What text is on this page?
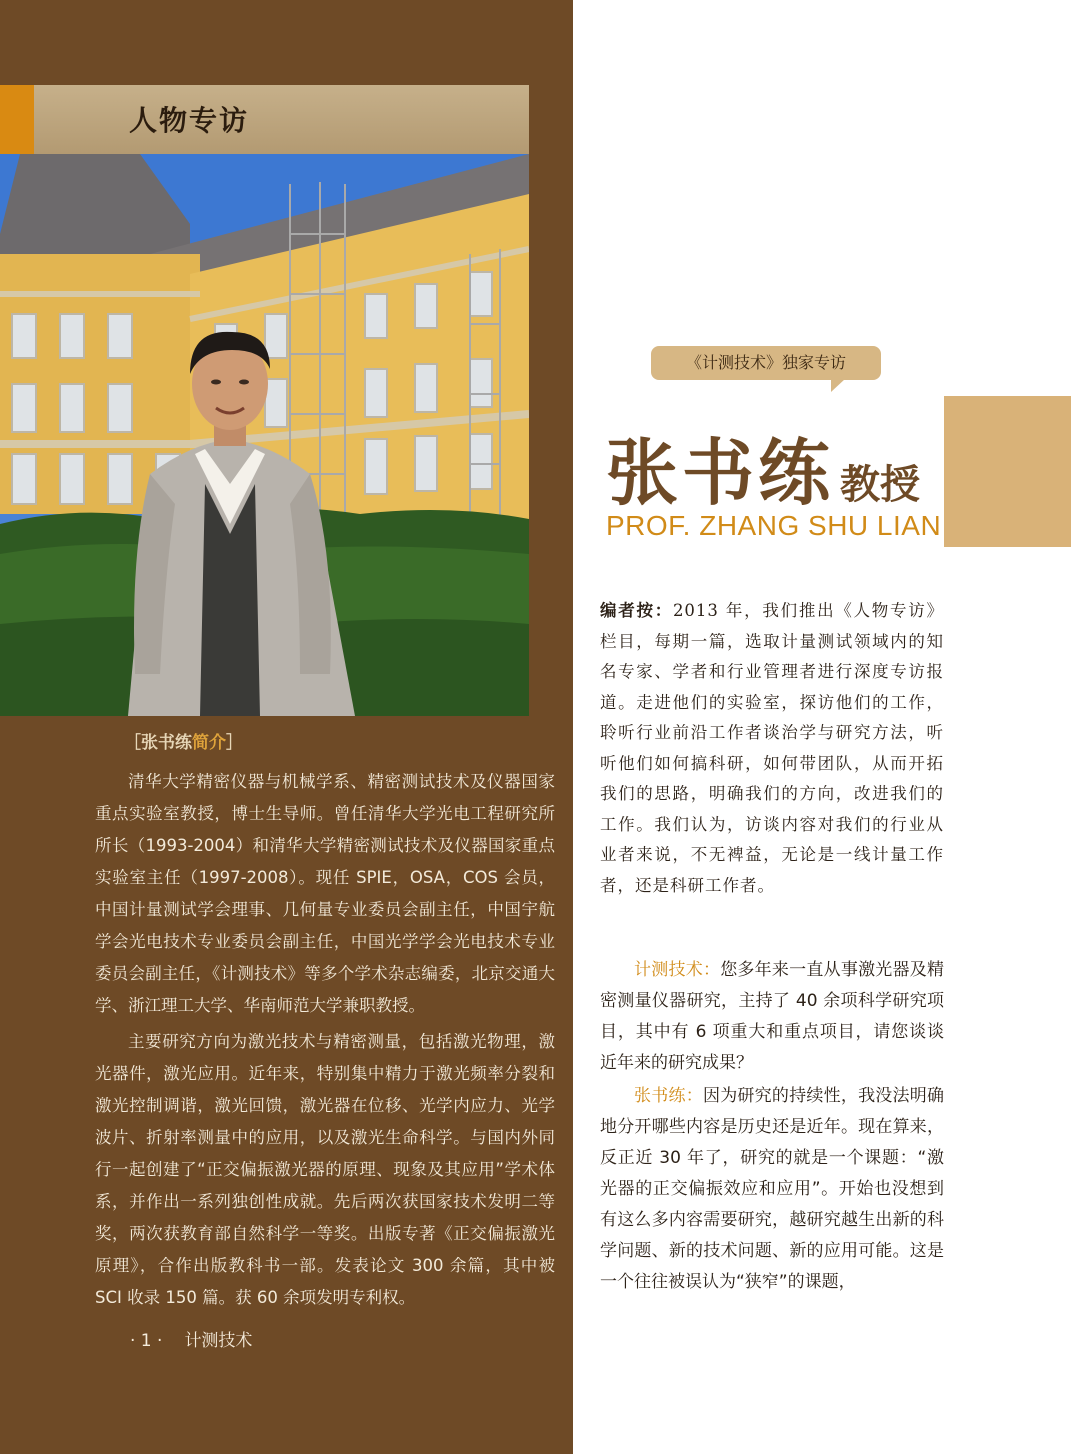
人物专访
［张书练简介］

清华大学精密仪器与机械学系、精密测试技术及仪器国家重点实验室教授，博士生导师。曾任清华大学光电工程研究所所长（1993-2004）和清华大学精密测试技术及仪器国家重点实验室主任（1997-2008）。现任 SPIE，OSA，COS 会员，中国计量测试学会理事、几何量专业委员会副主任，中国宇航学会光电技术专业委员会副主任，中国光学学会光电技术专业委员会副主任，《计测技术》等多个学术杂志编委，北京交通大学、浙江理工大学、华南师范大学兼职教授。

主要研究方向为激光技术与精密测量，包括激光物理，激光器件，激光应用。近年来，特别集中精力于激光频率分裂和激光控制调谐，激光回馈，激光器在位移、光学内应力、光学波片、折射率测量中的应用，以及激光生命科学。与国内外同行一起创建了“正交偏振激光器的原理、现象及其应用”学术体系，并作出一系列独创性成就。先后两次获国家技术发明二等奖，两次获教育部自然科学一等奖。出版专著《正交偏振激光原理》，合作出版教科书一部。发表论文 300 余篇，其中被 SCI 收录 150 篇。获 60 余项发明专利权。

· 1 · 计测技术
《计测技术》独家专访
张书练 教授
PROF. ZHANG SHU LIAN
编者按：2013 年，我们推出《人物专访》栏目，每期一篇，选取计量测试领域内的知名专家、学者和行业管理者进行深度专访报道。走进他们的实验室，探访他们的工作，聆听行业前沿工作者谈治学与研究方法，听听他们如何搞科研，如何带团队，从而开拓我们的思路，明确我们的方向，改进我们的工作。我们认为，访谈内容对我们的行业从业者来说，不无裨益，无论是一线计量工作者，还是科研工作者。

计测技术：您多年来一直从事激光器及精密测量仪器研究，主持了 40 余项科学研究项目，其中有 6 项重大和重点项目，请您谈谈近年来的研究成果？

张书练：因为研究的持续性，我没法明确地分开哪些内容是历史还是近年。现在算来，反正近 30 年了，研究的就是一个课题：“激光器的正交偏振效应和应用”。开始也没想到有这么多内容需要研究，越研究越生出新的科学问题、新的技术问题、新的应用可能。这是一个往往被误认为“狭窄”的课题，
